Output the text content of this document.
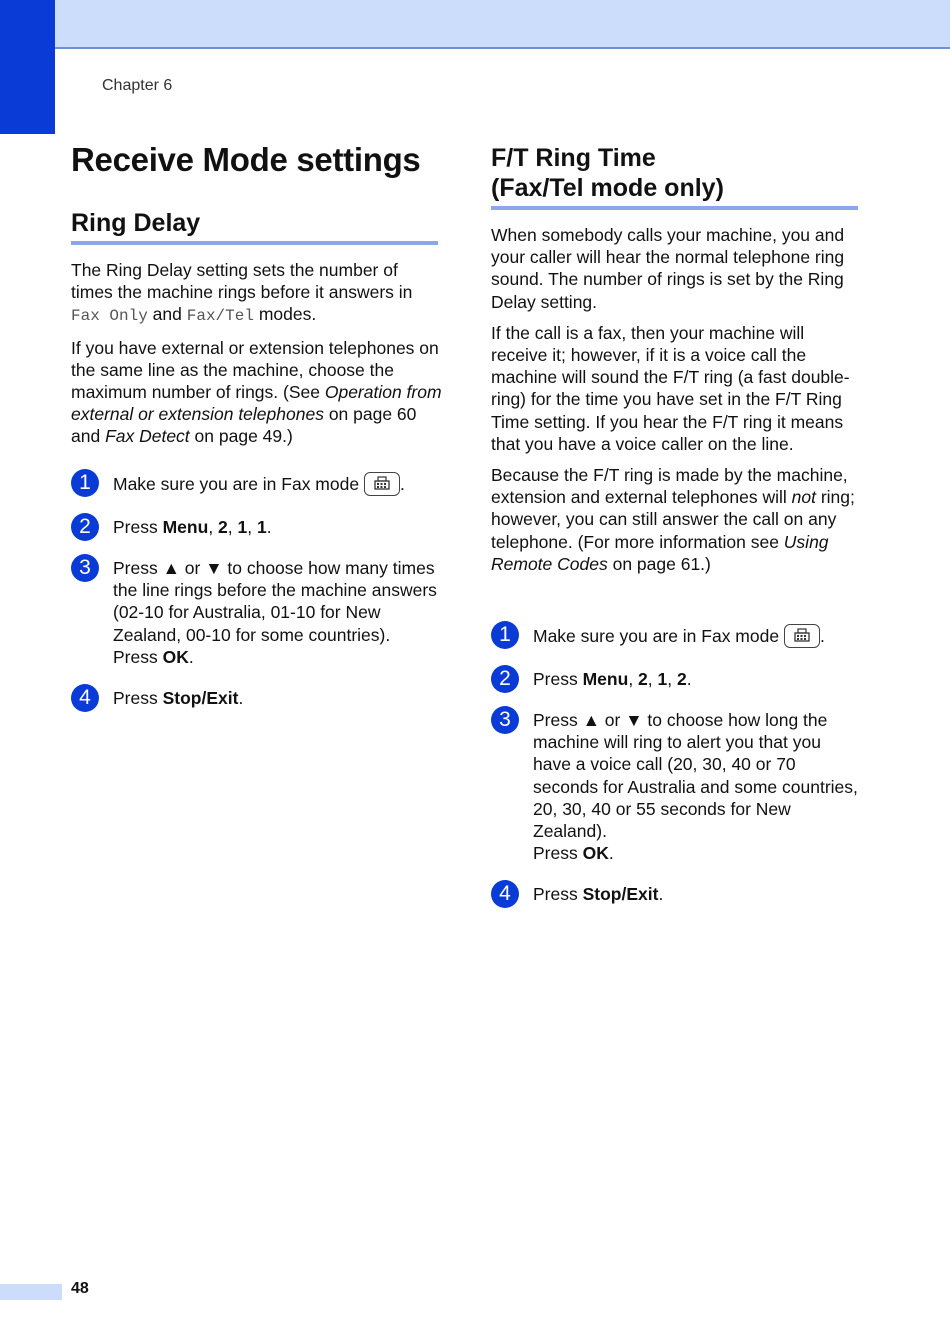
Chapter 6
Receive Mode settings
Ring Delay

The Ring Delay setting sets the number of times the machine rings before it answers in Fax Only and Fax/Tel modes.

If you have external or extension telephones on the same line as the machine, choose the maximum number of rings. (See Operation from external or extension telephones on page 60 and Fax Detect on page 49.)

1	Make sure you are in Fax mode .
2	Press Menu, 2, 1, 1.
3	Press ▲ or ▼ to choose how many times the line rings before the machine answers (02-10 for Australia, 01-10 for New Zealand, 00-10 for some countries).
Press OK.
4	Press Stop/Exit.
F/T Ring Time
(Fax/Tel mode only)

When somebody calls your machine, you and your caller will hear the normal telephone ring sound. The number of rings is set by the Ring Delay setting.

If the call is a fax, then your machine will receive it; however, if it is a voice call the machine will sound the F/T ring (a fast double-ring) for the time you have set in the F/T Ring Time setting. If you hear the F/T ring it means that you have a voice caller on the line.

Because the F/T ring is made by the machine, extension and external telephones will not ring; however, you can still answer the call on any telephone. (For more information see Using Remote Codes on page 61.)

1	Make sure you are in Fax mode .
2	Press Menu, 2, 1, 2.
3	Press ▲ or ▼ to choose how long the machine will ring to alert you that you have a voice call (20, 30, 40 or 70 seconds for Australia and some countries, 20, 30, 40 or 55 seconds for New Zealand).
Press OK.
4	Press Stop/Exit.
48
